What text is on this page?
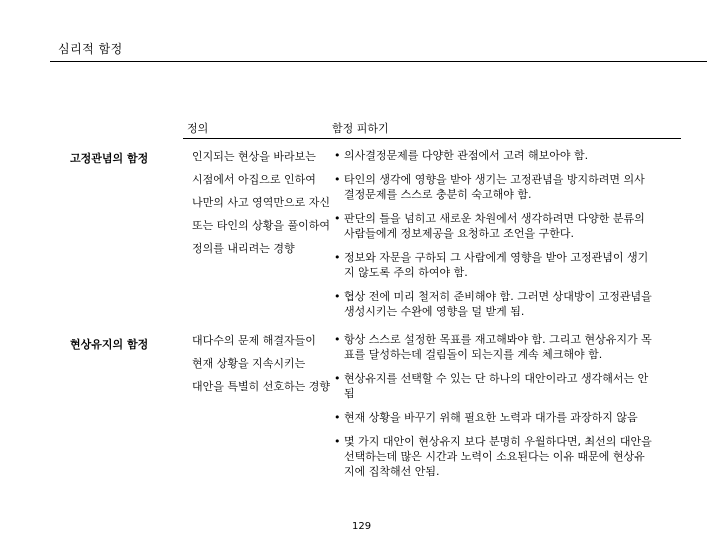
심리적 함정
정의	함정 피하기
고정관념의 함정	인지되는 현상을 바라보는 시점에서 아집으로 인하여 나만의 사고 영역만으로 자신 또는 타인의 상황을 풀이하여 정의를 내리려는 경향
• 의사결정문제를 다양한 관점에서 고려 해보아야 함.
• 타인의 생각에 영향을 받아 생기는 고정관념을 방지하려면 의사결정문제를 스스로 충분히 숙고해야 함.
• 판단의 틀을 넘히고 새로운 차원에서 생각하려면 다양한 분류의 사람들에게 정보제공을 요청하고 조언을 구한다.
• 정보와 자문을 구하되 그 사람에게 영향을 받아 고정관념이 생기지 않도록 주의 하여야 함.
• 협상 전에 미리 철저히 준비해야 함. 그러면 상대방이 고정관념을 생성시키는 수완에 영향을 덜 받게 됨.
현상유지의 함정	대다수의 문제 해결자들이 현재 상황을 지속시키는 대안을 특별히 선호하는 경향
• 항상 스스로 설정한 목표를 재고해봐야 함. 그리고 현상유지가 목표를 달성하는데 걸림돌이 되는지를 계속 체크해야 함.
• 현상유지를 선택할 수 있는 단 하나의 대안이라고 생각해서는 안 됨
• 현재 상황을 바꾸기 위해 필요한 노력과 대가를 과장하지 않음
• 몇 가지 대안이 현상유지 보다 분명히 우월하다면, 최선의 대안을 선택하는데 많은 시간과 노력이 소요된다는 이유 때문에 현상유지에 집착해선 안됨.
129
